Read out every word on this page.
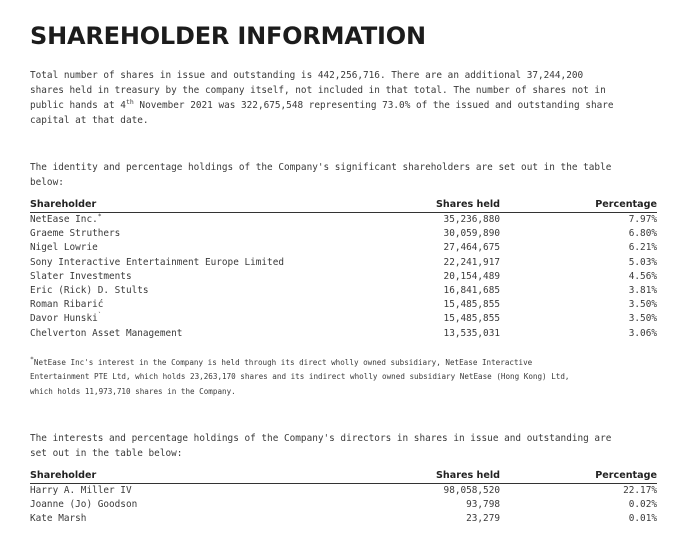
SHAREHOLDER INFORMATION

Total number of shares in issue and outstanding is 442,256,716. There are an additional 37,244,200

shares held in treasury by the company itself, not included in that total. The number of shares not in

public hands at 4th November 2021 was 322,675,548 representing 73.0% of the issued and outstanding share

capital at that date.

The identity and percentage holdings of the Company's significant shareholders are set out in the table

below:

Shareholder	Shares held	Percentage
NetEase Inc.*	35,236,880	7.97%
Graeme Struthers	30,059,890	6.80%
Nigel Lowrie	27,464,675	6.21%
Sony Interactive Entertainment Europe Limited	22,241,917	5.03%
Slater Investments	20,154,489	4.56%
Eric (Rick) D. Stults	16,841,685	3.81%
Roman Ribarić	15,485,855	3.50%
Davor Hunski`	15,485,855	3.50%
Chelverton Asset Management	13,535,031	3.06%

*NetEase Inc's interest in the Company is held through its direct wholly owned subsidiary, NetEase Interactive

Entertainment PTE Ltd, which holds 23,263,170 shares and its indirect wholly owned subsidiary NetEase (Hong Kong) Ltd,

which holds 11,973,710 shares in the Company.

The interests and percentage holdings of the Company's directors in shares in issue and outstanding are

set out in the table below:

Shareholder	Shares held	Percentage
Harry A. Miller IV	98,058,520	22.17%
Joanne (Jo) Goodson	93,798	0.02%
Kate Marsh	23,279	0.01%
